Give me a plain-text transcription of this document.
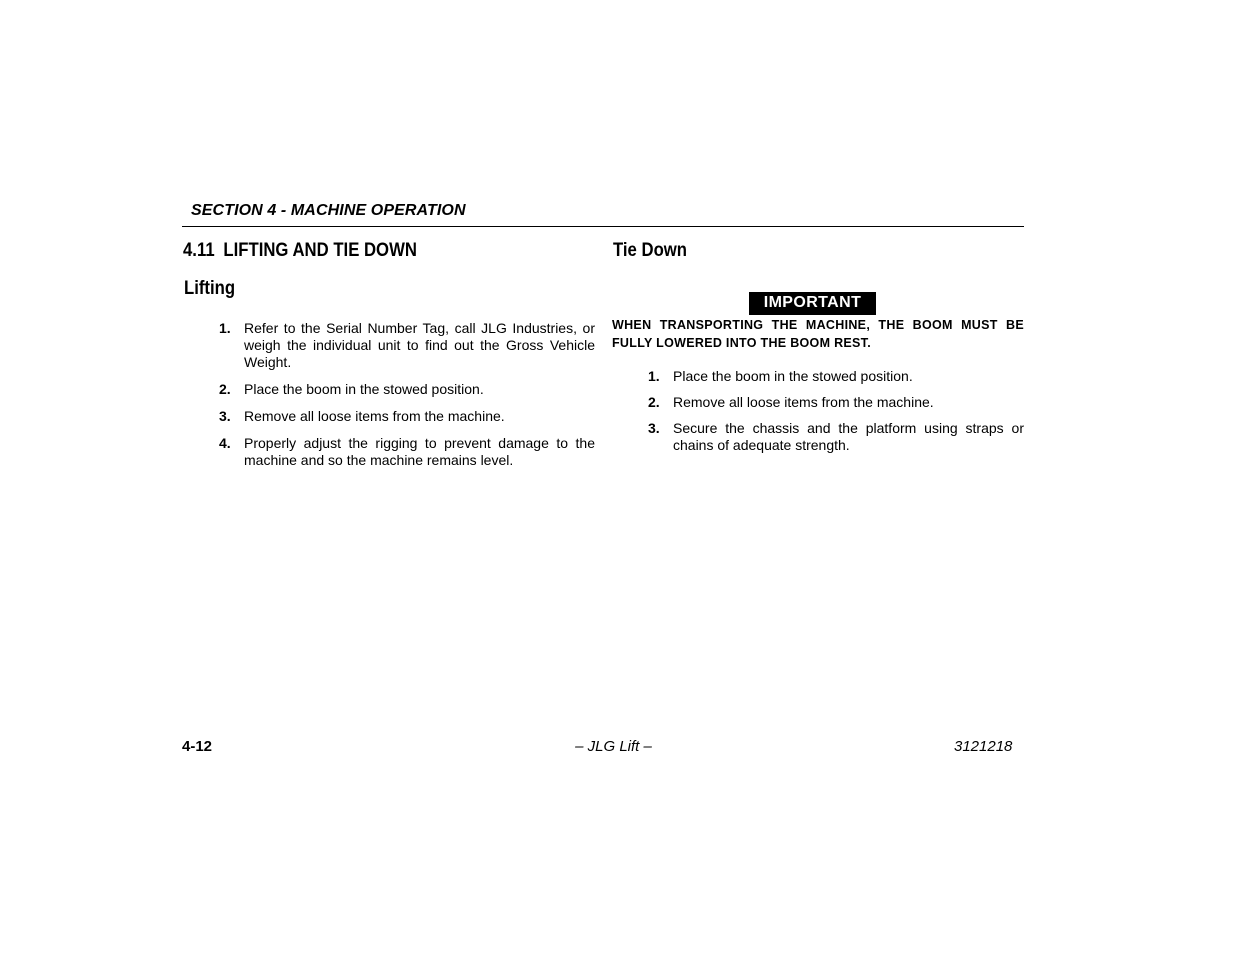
SECTION 4 - MACHINE OPERATION
4.11 LIFTING AND TIE DOWN
Lifting
1. Refer to the Serial Number Tag, call JLG Industries, or weigh the individual unit to find out the Gross Vehicle Weight.
2. Place the boom in the stowed position.
3. Remove all loose items from the machine.
4. Properly adjust the rigging to prevent damage to the machine and so the machine remains level.
Tie Down
IMPORTANT
WHEN TRANSPORTING THE MACHINE, THE BOOM MUST BE FULLY LOWERED INTO THE BOOM REST.
1. Place the boom in the stowed position.
2. Remove all loose items from the machine.
3. Secure the chassis and the platform using straps or chains of adequate strength.
4-12	– JLG Lift –	3121218
